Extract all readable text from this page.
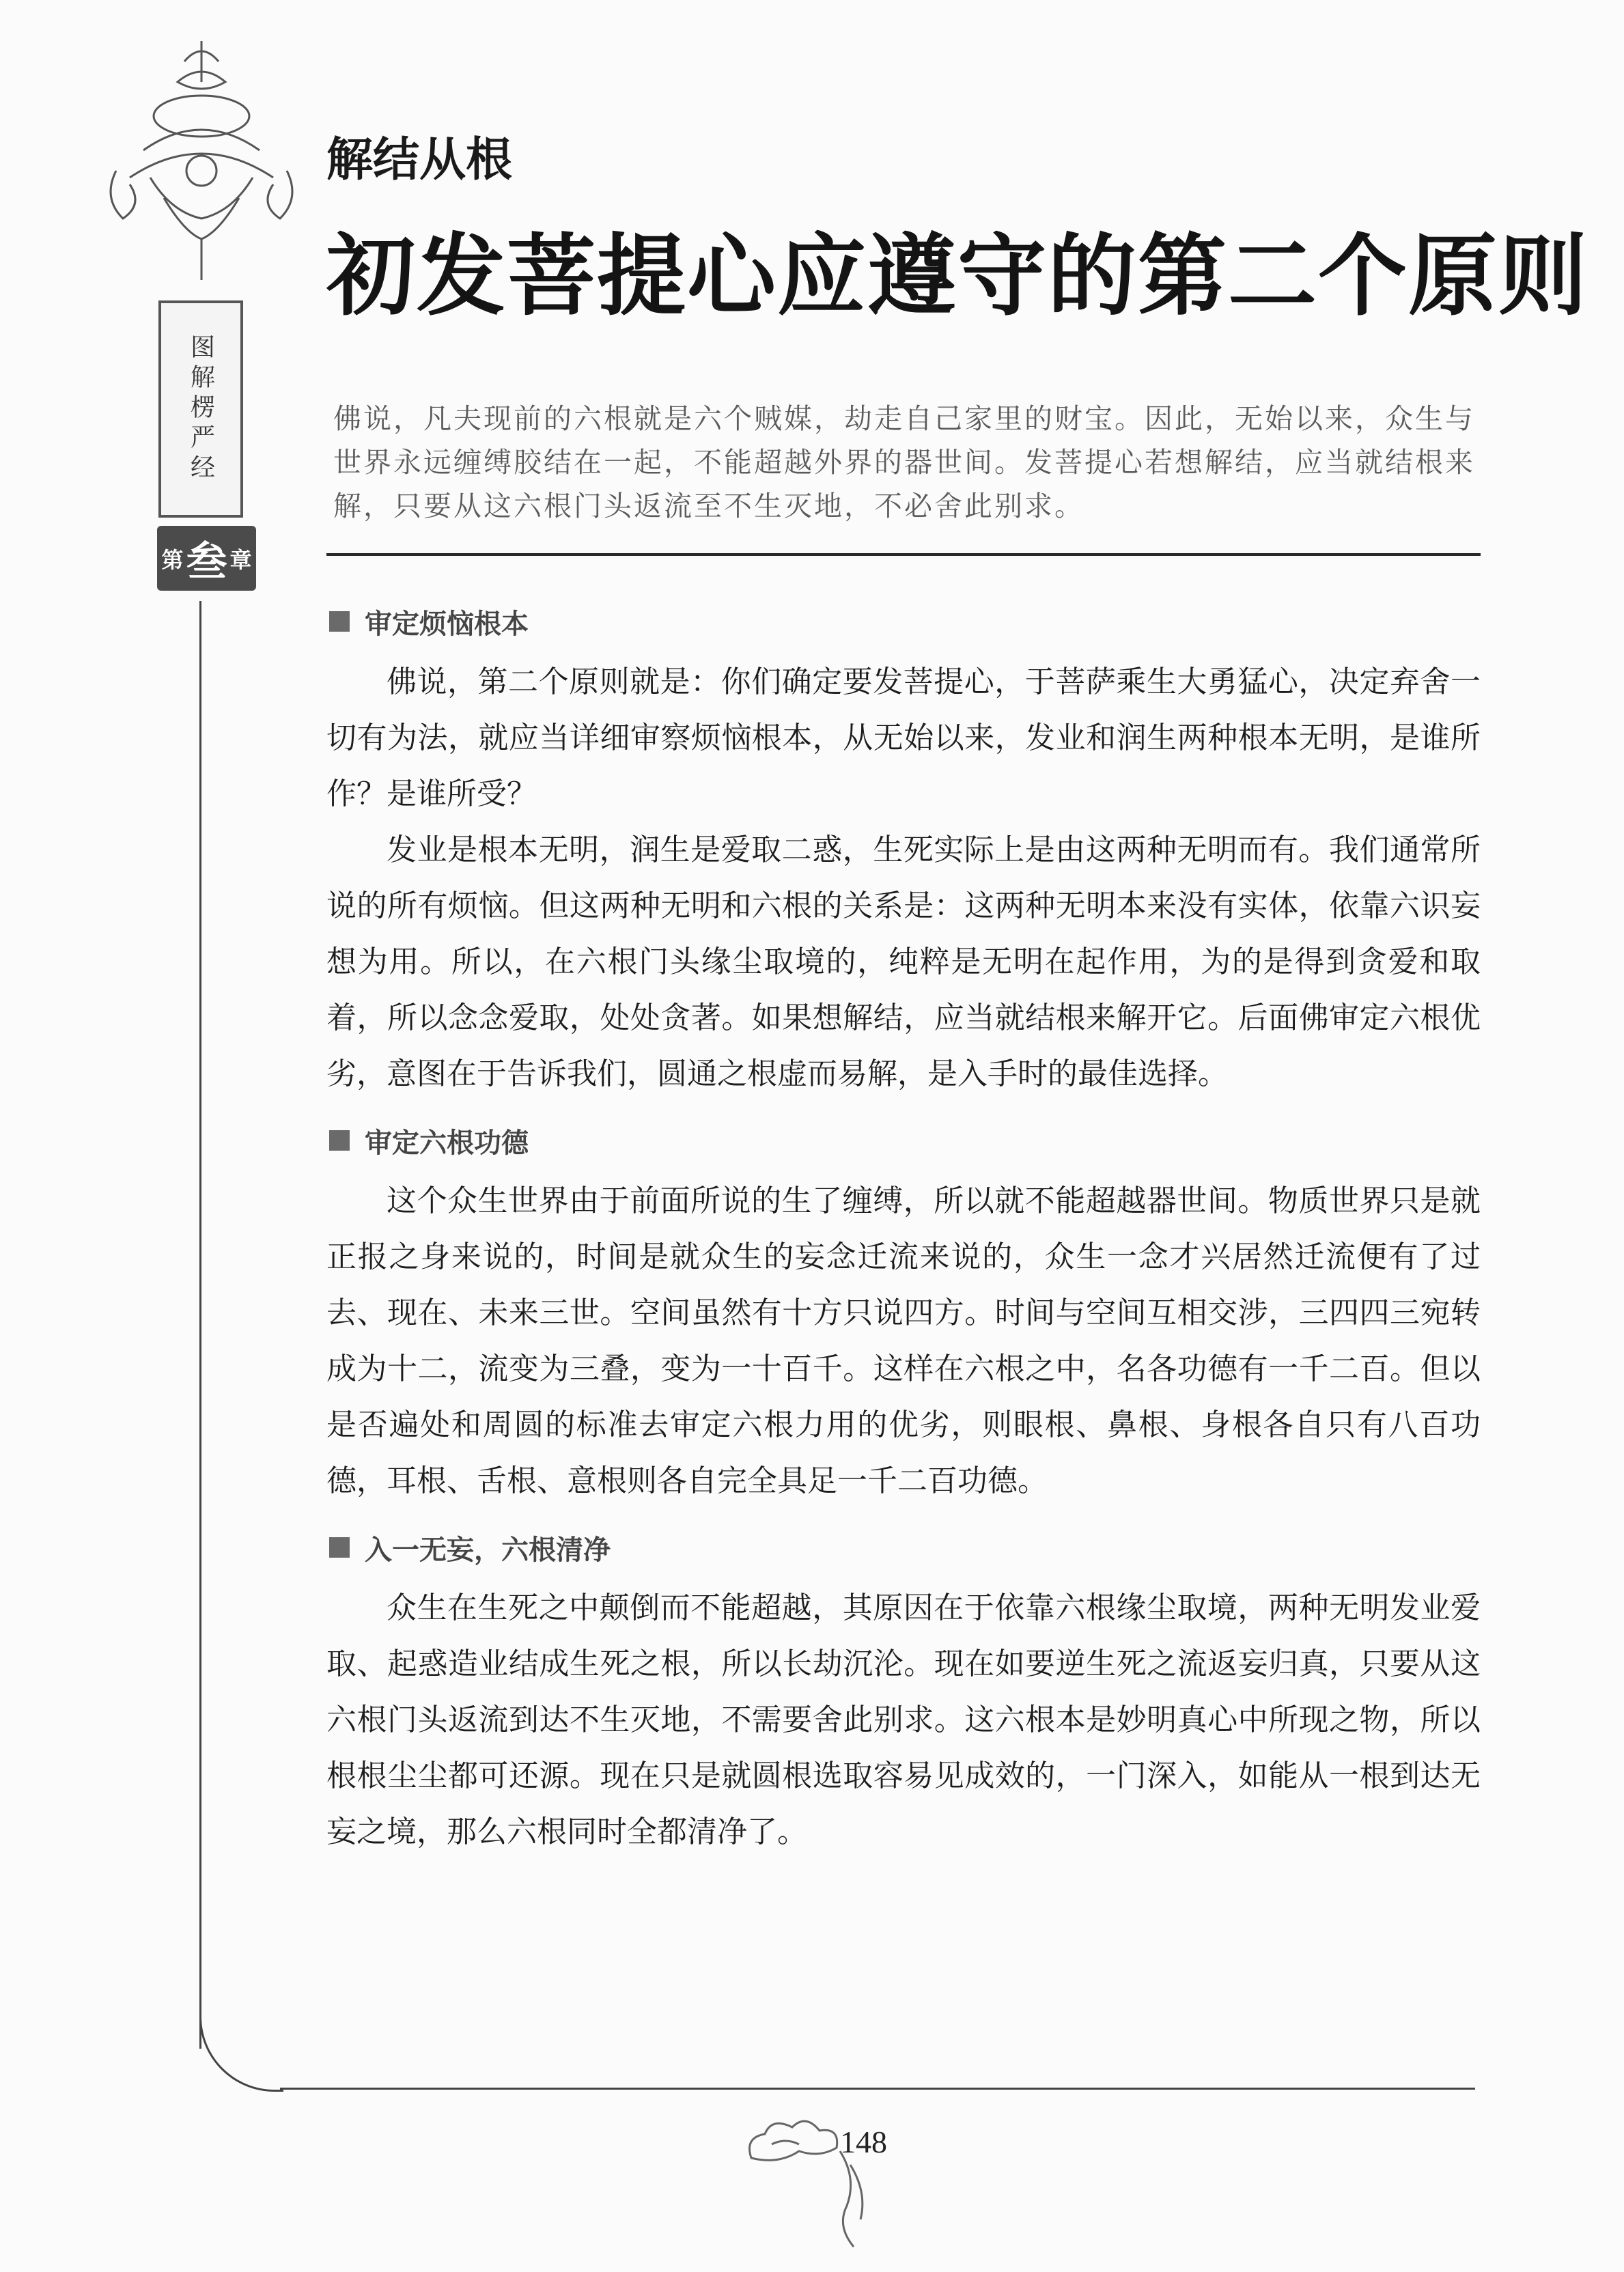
图解楞严经
第 叁 章
解结从根
初发菩提心应遵守的第二个原则

佛说，凡夫现前的六根就是六个贼媒，劫走自己家里的财宝。因此，无始以来，众生与世界永远缠缚胶结在一起，不能超越外界的器世间。发菩提心若想解结，应当就结根来解，只要从这六根门头返流至不生灭地，不必舍此别求。

审定烦恼根本

佛说，第二个原则就是：你们确定要发菩提心，于菩萨乘生大勇猛心，决定弃舍一切有为法，就应当详细审察烦恼根本，从无始以来，发业和润生两种根本无明，是谁所作？是谁所受？

发业是根本无明，润生是爱取二惑，生死实际上是由这两种无明而有。我们通常所说的所有烦恼。但这两种无明和六根的关系是：这两种无明本来没有实体，依靠六识妄想为用。所以，在六根门头缘尘取境的，纯粹是无明在起作用，为的是得到贪爱和取着，所以念念爱取，处处贪著。如果想解结，应当就结根来解开它。后面佛审定六根优劣，意图在于告诉我们，圆通之根虚而易解，是入手时的最佳选择。

审定六根功德

这个众生世界由于前面所说的生了缠缚，所以就不能超越器世间。物质世界只是就正报之身来说的，时间是就众生的妄念迁流来说的，众生一念才兴居然迁流便有了过去、现在、未来三世。空间虽然有十方只说四方。时间与空间互相交涉，三四四三宛转成为十二，流变为三叠，变为一十百千。这样在六根之中，名各功德有一千二百。但以是否遍处和周圆的标准去审定六根力用的优劣，则眼根、鼻根、身根各自只有八百功德，耳根、舌根、意根则各自完全具足一千二百功德。

入一无妄，六根清净

众生在生死之中颠倒而不能超越，其原因在于依靠六根缘尘取境，两种无明发业爱取、起惑造业结成生死之根，所以长劫沉沦。现在如要逆生死之流返妄归真，只要从这六根门头返流到达不生灭地，不需要舍此别求。这六根本是妙明真心中所现之物，所以根根尘尘都可还源。现在只是就圆根选取容易见成效的，一门深入，如能从一根到达无妄之境，那么六根同时全都清净了。

148
